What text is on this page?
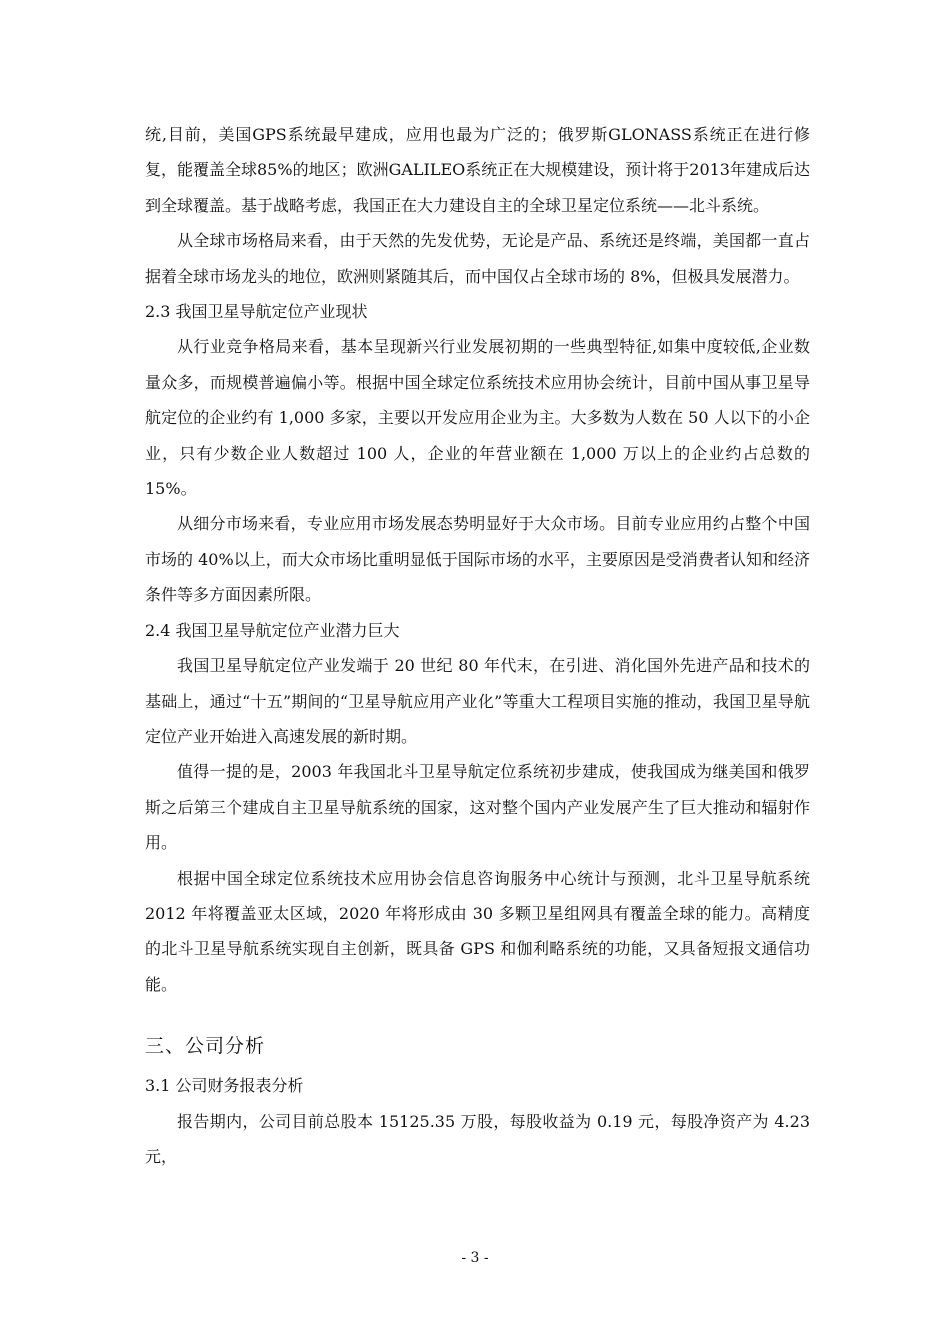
统,目前，美国GPS系统最早建成，应用也最为广泛的；俄罗斯GLONASS系统正在进行修复，能覆盖全球85%的地区；欧洲GALILEO系统正在大规模建设，预计将于2013年建成后达到全球覆盖。基于战略考虑，我国正在大力建设自主的全球卫星定位系统——北斗系统。

从全球市场格局来看，由于天然的先发优势，无论是产品、系统还是终端，美国都一直占据着全球市场龙头的地位，欧洲则紧随其后，而中国仅占全球市场的 8%，但极具发展潜力。

2.3 我国卫星导航定位产业现状

从行业竞争格局来看，基本呈现新兴行业发展初期的一些典型特征,如集中度较低,企业数量众多，而规模普遍偏小等。根据中国全球定位系统技术应用协会统计，目前中国从事卫星导航定位的企业约有 1,000 多家，主要以开发应用企业为主。大多数为人数在 50 人以下的小企业，只有少数企业人数超过 100 人，企业的年营业额在 1,000 万以上的企业约占总数的 15%。

从细分市场来看，专业应用市场发展态势明显好于大众市场。目前专业应用约占整个中国市场的 40%以上，而大众市场比重明显低于国际市场的水平，主要原因是受消费者认知和经济条件等多方面因素所限。

2.4 我国卫星导航定位产业潜力巨大

我国卫星导航定位产业发端于 20 世纪 80 年代末，在引进、消化国外先进产品和技术的基础上，通过“十五”期间的“卫星导航应用产业化”等重大工程项目实施的推动，我国卫星导航定位产业开始进入高速发展的新时期。

值得一提的是，2003 年我国北斗卫星导航定位系统初步建成，使我国成为继美国和俄罗斯之后第三个建成自主卫星导航系统的国家，这对整个国内产业发展产生了巨大推动和辐射作用。

根据中国全球定位系统技术应用协会信息咨询服务中心统计与预测，北斗卫星导航系统 2012 年将覆盖亚太区域，2020 年将形成由 30 多颗卫星组网具有覆盖全球的能力。高精度的北斗卫星导航系统实现自主创新，既具备 GPS 和伽利略系统的功能，又具备短报文通信功能。

三、公司分析
3.1 公司财务报表分析

报告期内，公司目前总股本 15125.35 万股，每股收益为 0.19 元，每股净资产为 4.23 元，

- 3 -
